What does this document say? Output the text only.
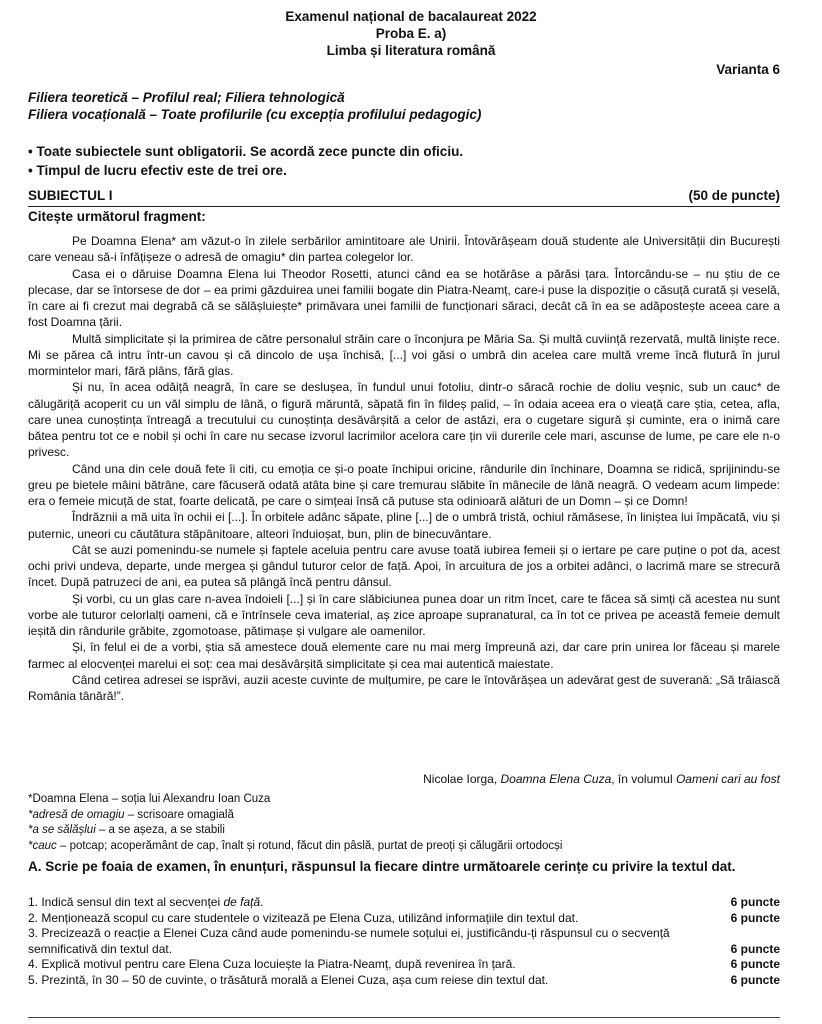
Examenul național de bacalaureat 2022
Proba E. a)
Limba și literatura română
Varianta 6
Filiera teoretică – Profilul real; Filiera tehnologică
Filiera vocațională – Toate profilurile (cu excepția profilului pedagogic)
• Toate subiectele sunt obligatorii. Se acordă zece puncte din oficiu.
• Timpul de lucru efectiv este de trei ore.
SUBIECTUL I	(50 de puncte)
Citește următorul fragment:

Pe Doamna Elena* am văzut-o în zilele serbărilor amintitoare ale Unirii. Întovărășeam două studente ale Universității din București care veneau să-i înfățișeze o adresă de omagiu* din partea colegelor lor.

Casa ei o dăruise Doamna Elena lui Theodor Rosetti, atunci când ea se hotărâse a părăsi țara. Întorcându-se – nu știu de ce plecase, dar se întorsese de dor – ea primi găzduirea unei familii bogate din Piatra-Neamț, care-i puse la dispoziție o căsuță curată și veselă, în care ai fi crezut mai degrabă că se sălășluiește* primăvara unei familii de funcționari săraci, decât că în ea se adăpostește aceea care a fost Doamna țării.

Multă simplicitate și la primirea de către personalul străin care o înconjura pe Măria Sa. Și multă cuviință rezervată, multă liniște rece. Mi se părea că intru într-un cavou și că dincolo de ușa închisă, [...] voi găsi o umbră din acelea care multă vreme încă flutură în jurul mormintelor mari, fără plâns, fără glas.

Și nu, în acea odăiță neagră, în care se deslușea, în fundul unui fotoliu, dintr-o săracă rochie de doliu veșnic, sub un cauc* de călugăriță acoperit cu un văl simplu de lână, o figură măruntă, săpată fin în fildeș palid, – în odaia aceea era o vieață care știa, cetea, afla, care unea cunoștința întreagă a trecutului cu cunoștința desăvârșită a celor de astăzi, era o cugetare sigură și cuminte, era o inimă care bătea pentru tot ce e nobil și ochi în care nu secase izvorul lacrimilor acelora care țin vii durerile cele mari, ascunse de lume, pe care ele n-o privesc.

Când una din cele două fete îi citi, cu emoția ce și-o poate închipui oricine, rândurile din închinare, Doamna se ridică, sprijinindu-se greu pe bietele mâini bătrâne, care făcuseră odată atâta bine și care tremurau slăbite în mânecile de lână neagră. O vedeam acum limpede: era o femeie micuță de stat, foarte delicată, pe care o simțeai însă că putuse sta odinioară alături de un Domn – și ce Domn!

Îndrăznii a mă uita în ochii ei [...]. În orbitele adânc săpate, pline [...] de o umbră tristă, ochiul rămăsese, în liniștea lui împăcată, viu și puternic, uneori cu căutătura stăpânitoare, alteori înduioșat, bun, plin de binecuvântare.

Cât se auzi pomenindu-se numele și faptele aceluia pentru care avuse toată iubirea femeii și o iertare pe care puține o pot da, acest ochi privi undeva, departe, unde mergea și gândul tuturor celor de față. Apoi, în arcuitura de jos a orbitei adânci, o lacrimă mare se strecură încet. După patruzeci de ani, ea putea să plângă încă pentru dânsul.

Și vorbi, cu un glas care n-avea îndoieli [...] și în care slăbiciunea punea doar un ritm încet, care te făcea să simți că acestea nu sunt vorbe ale tuturor celorlalți oameni, că e întrînsele ceva imaterial, aș zice aproape supranatural, ca în tot ce privea pe această femeie demult ieșită din rândurile grăbite, zgomotoase, pătimașe și vulgare ale oamenilor.

Și, în felul ei de a vorbi, știa să amestece două elemente care nu mai merg împreună azi, dar care prin unirea lor făceau și marele farmec al elocvenței marelui ei soț: cea mai desăvârșită simplicitate și cea mai autentică maiestate.

Când cetirea adresei se isprăvi, auzii aceste cuvinte de mulțumire, pe care le întovărășea un adevărat gest de suverană: „Să trăiască România tânără!”.

Nicolae Iorga, Doamna Elena Cuza, în volumul Oameni cari au fost
*Doamna Elena – soția lui Alexandru Ioan Cuza
*adresă de omagiu – scrisoare omagială
*a se sălășlui – a se așeza, a se stabili
*cauc – potcap; acoperământ de cap, înalt și rotund, făcut din pâslă, purtat de preoți și călugării ortodocși
A. Scrie pe foaia de examen, în enunțuri, răspunsul la fiecare dintre următoarele cerințe cu privire la textul dat.
1. Indică sensul din text al secvenței de față.	6 puncte
2. Menționează scopul cu care studentele o vizitează pe Elena Cuza, utilizând informațiile din textul dat.	6 puncte
3. Precizează o reacție a Elenei Cuza când aude pomenindu-se numele soțului ei, justificându-ți răspunsul cu o secvență semnificativă din textul dat.	6 puncte
4. Explică motivul pentru care Elena Cuza locuiește la Piatra-Neamț, după revenirea în țară.	6 puncte
5. Prezintă, în 30 – 50 de cuvinte, o trăsătură morală a Elenei Cuza, așa cum reiese din textul dat.	6 puncte
